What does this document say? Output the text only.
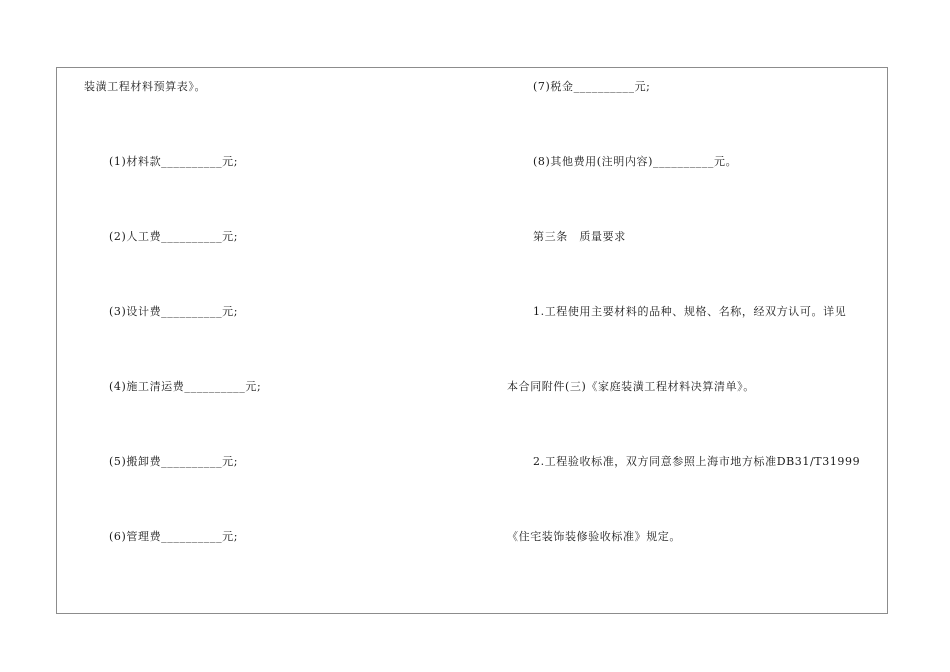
装潢工程材料预算表》。
(1)材料款__________元;
(2)人工费__________元;
(3)设计费__________元;
(4)施工清运费__________元;
(5)搬卸费__________元;
(6)管理费__________元;
(7)税金__________元;
(8)其他费用(注明内容)__________元。
第三条　质量要求
1.工程使用主要材料的品种、规格、名称，经双方认可。详见
本合同附件(三)《家庭装潢工程材料决算清单》。
2.工程验收标准，双方同意参照上海市地方标准DB31/T31999
《住宅装饰装修验收标准》规定。
